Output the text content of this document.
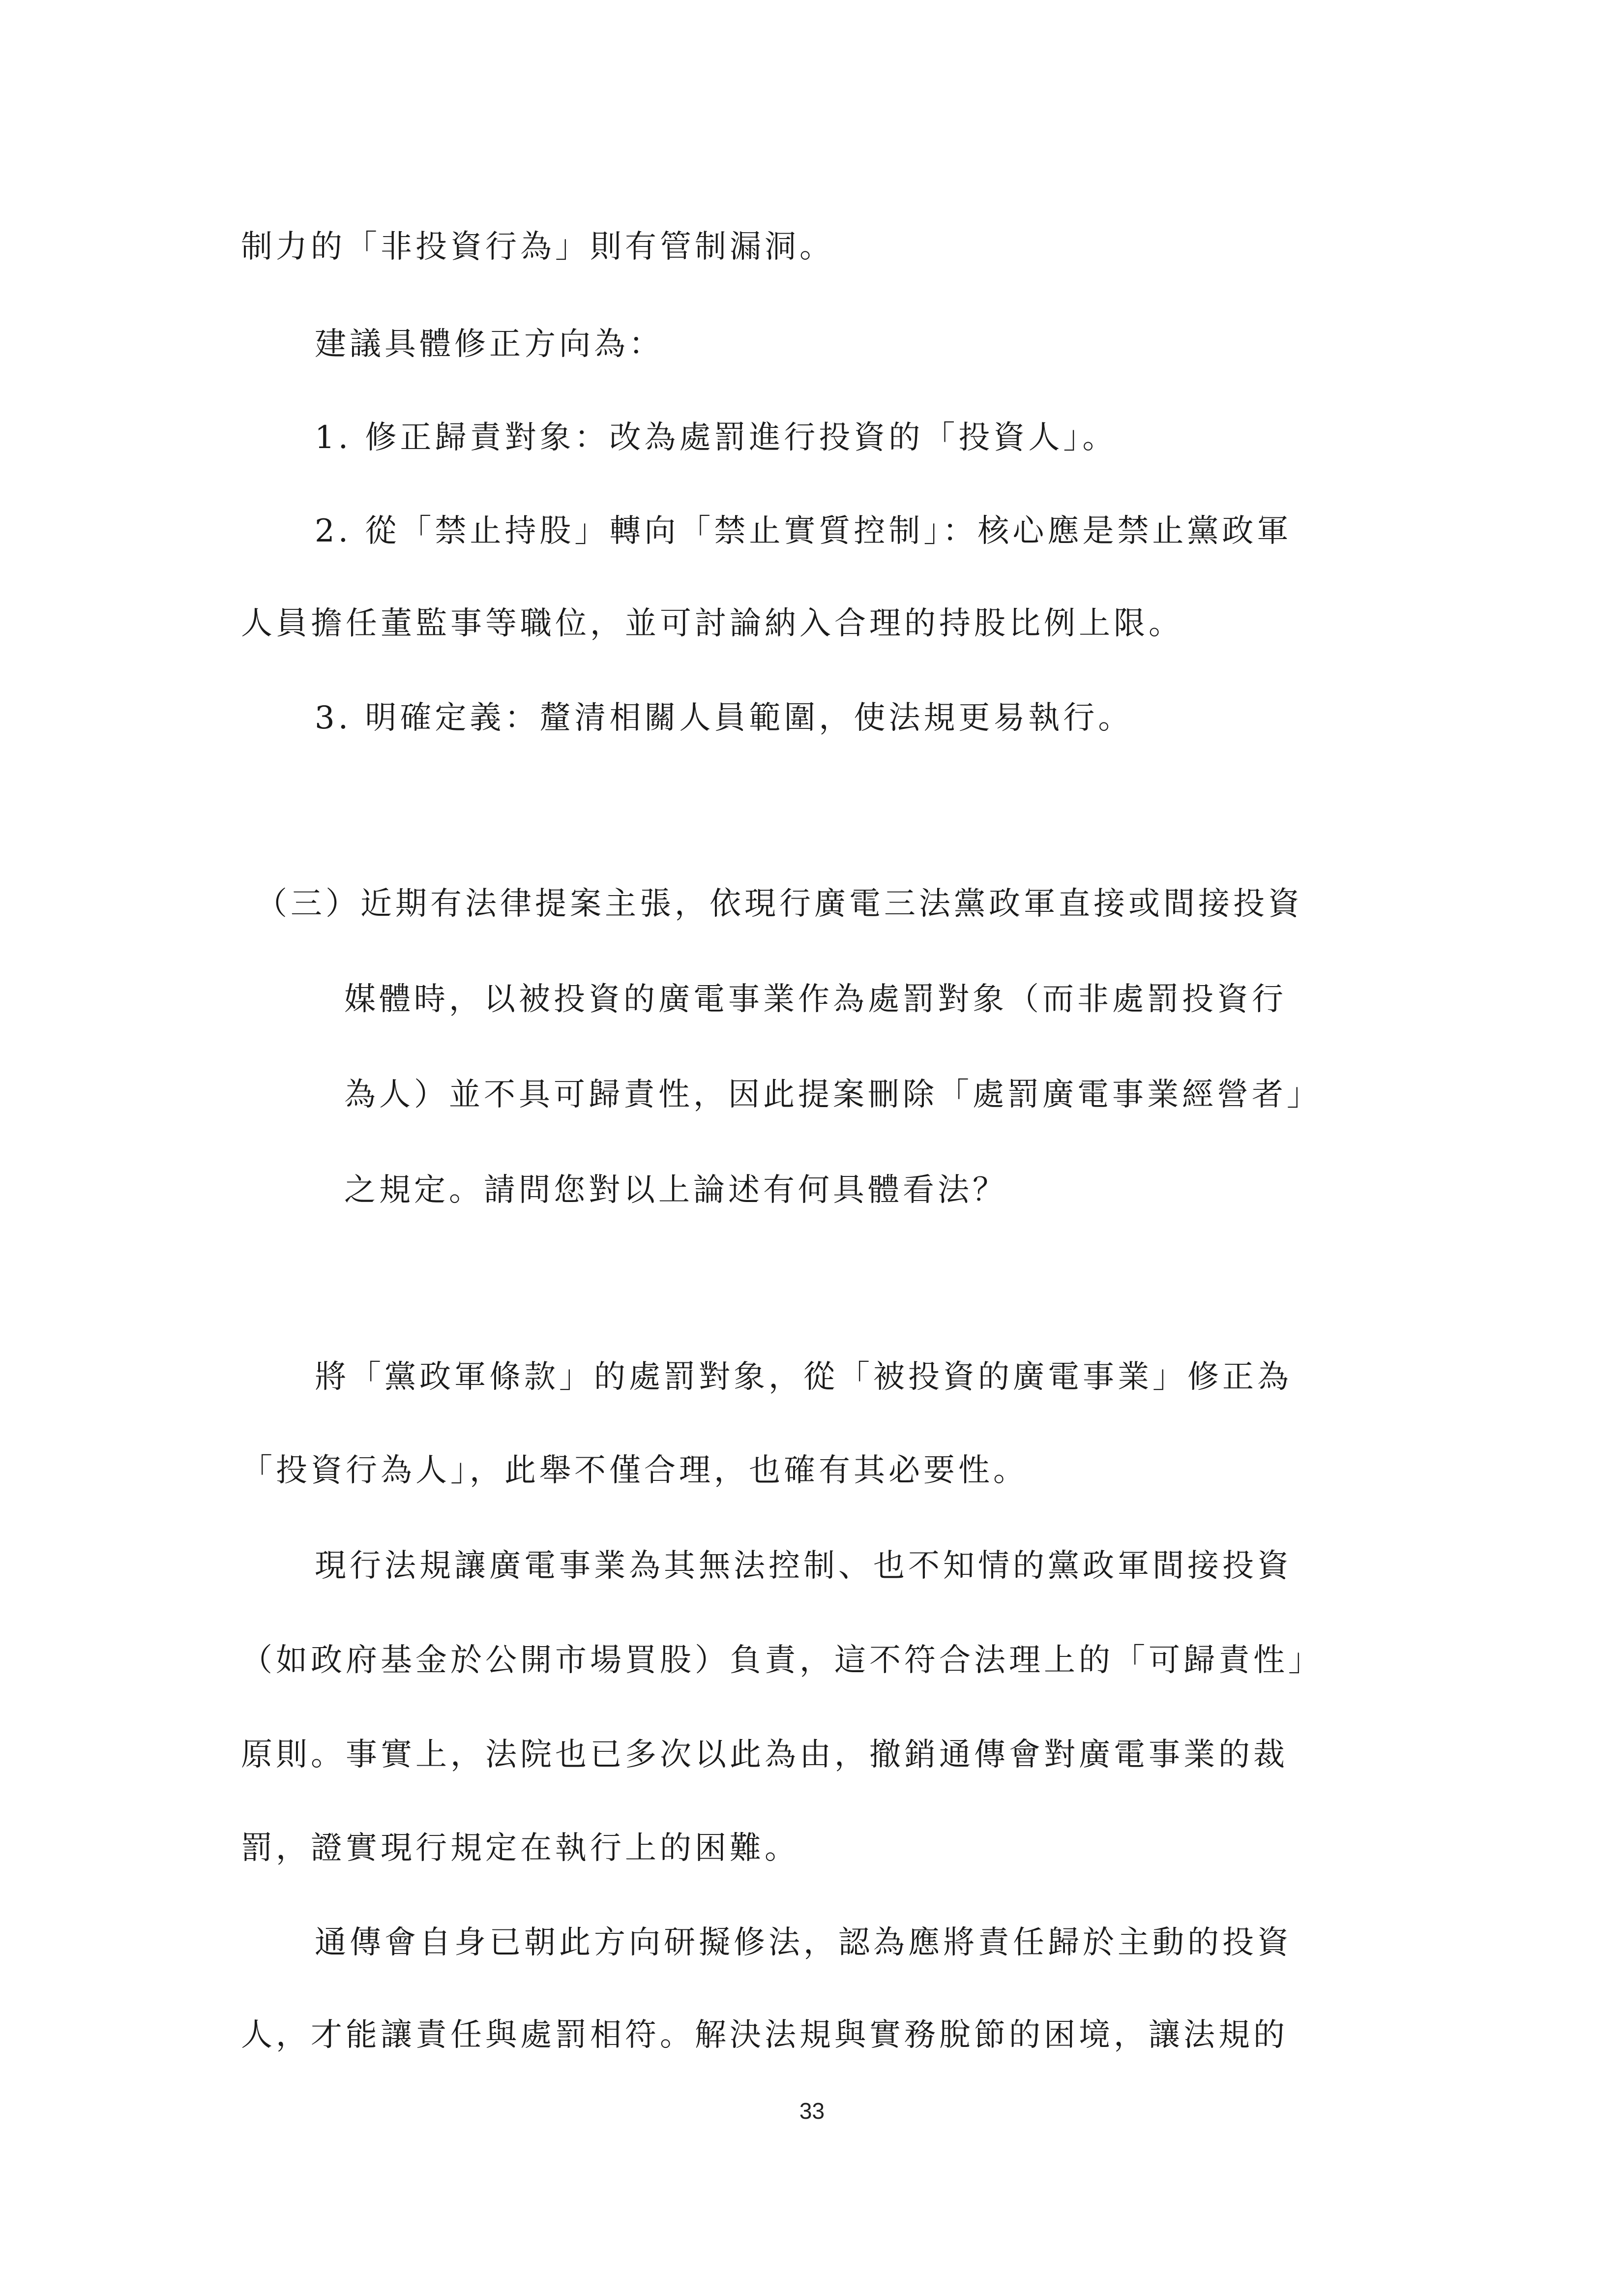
制力的「非投資行為」則有管制漏洞。
建議具體修正方向為：
1. 修正歸責對象：改為處罰進行投資的「投資人」。
2. 從「禁止持股」轉向「禁止實質控制」：核心應是禁止黨政軍
人員擔任董監事等職位，並可討論納入合理的持股比例上限。
3. 明確定義：釐清相關人員範圍，使法規更易執行。
（三）近期有法律提案主張，依現行廣電三法黨政軍直接或間接投資
媒體時，以被投資的廣電事業作為處罰對象（而非處罰投資行
為人）並不具可歸責性，因此提案刪除「處罰廣電事業經營者」
之規定。請問您對以上論述有何具體看法？
將「黨政軍條款」的處罰對象，從「被投資的廣電事業」修正為
「投資行為人」，此舉不僅合理，也確有其必要性。
現行法規讓廣電事業為其無法控制、也不知情的黨政軍間接投資
（如政府基金於公開市場買股）負責，這不符合法理上的「可歸責性」
原則。事實上，法院也已多次以此為由，撤銷通傳會對廣電事業的裁
罰，證實現行規定在執行上的困難。
通傳會自身已朝此方向研擬修法，認為應將責任歸於主動的投資
人，才能讓責任與處罰相符。解決法規與實務脫節的困境，讓法規的
33
